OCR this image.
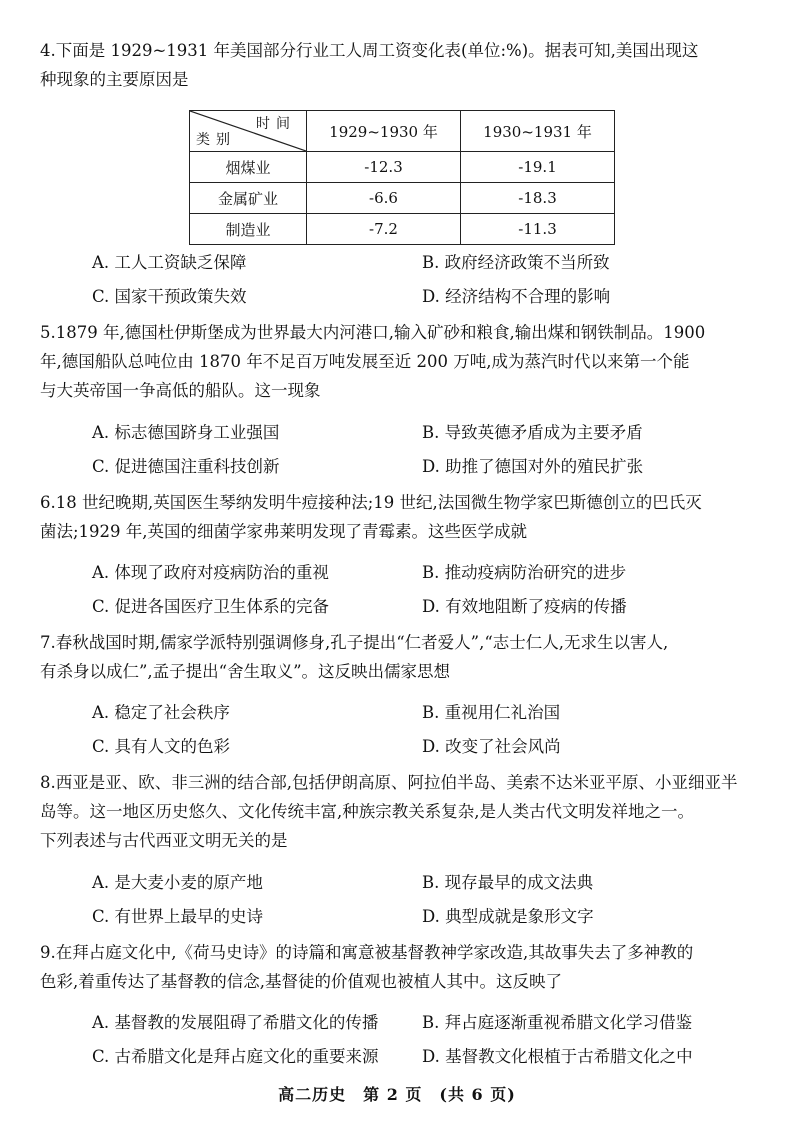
4.下面是 1929~1931 年美国部分行业工人周工资变化表(单位:%)。据表可知,美国出现这

种现象的主要原因是

时间
类别	1929~1930 年	1930~1931 年
烟煤业	-12.3	-19.1
金属矿业	-6.6	-18.3
制造业	-7.2	-11.3
A. 工人工资缺乏保障	B. 政府经济政策不当所致
C. 国家干预政策失效	D. 经济结构不合理的影响

5.1879 年,德国杜伊斯堡成为世界最大内河港口,输入矿砂和粮食,输出煤和钢铁制品。1900

年,德国船队总吨位由 1870 年不足百万吨发展至近 200 万吨,成为蒸汽时代以来第一个能

与大英帝国一争高低的船队。这一现象

A. 标志德国跻身工业强国	B. 导致英德矛盾成为主要矛盾
C. 促进德国注重科技创新	D. 助推了德国对外的殖民扩张

6.18 世纪晚期,英国医生琴纳发明牛痘接种法;19 世纪,法国微生物学家巴斯德创立的巴氏灭

菌法;1929 年,英国的细菌学家弗莱明发现了青霉素。这些医学成就

A. 体现了政府对疫病防治的重视	B. 推动疫病防治研究的进步
C. 促进各国医疗卫生体系的完备	D. 有效地阻断了疫病的传播

7.春秋战国时期,儒家学派特别强调修身,孔子提出“仁者爱人”,“志士仁人,无求生以害人,

有杀身以成仁”,孟子提出“舍生取义”。这反映出儒家思想

A. 稳定了社会秩序	B. 重视用仁礼治国
C. 具有人文的色彩	D. 改变了社会风尚

8.西亚是亚、欧、非三洲的结合部,包括伊朗高原、阿拉伯半岛、美索不达米亚平原、小亚细亚半

岛等。这一地区历史悠久、文化传统丰富,种族宗教关系复杂,是人类古代文明发祥地之一。

下列表述与古代西亚文明无关的是

A. 是大麦小麦的原产地	B. 现存最早的成文法典
C. 有世界上最早的史诗	D. 典型成就是象形文字

9.在拜占庭文化中,《荷马史诗》的诗篇和寓意被基督教神学家改造,其故事失去了多神教的

色彩,着重传达了基督教的信念,基督徒的价值观也被植人其中。这反映了

A. 基督教的发展阻碍了希腊文化的传播	B. 拜占庭逐渐重视希腊文化学习借鉴
C. 古希腊文化是拜占庭文化的重要来源	D. 基督教文化根植于古希腊文化之中
高二历史　第 2 页　(共 6 页)
